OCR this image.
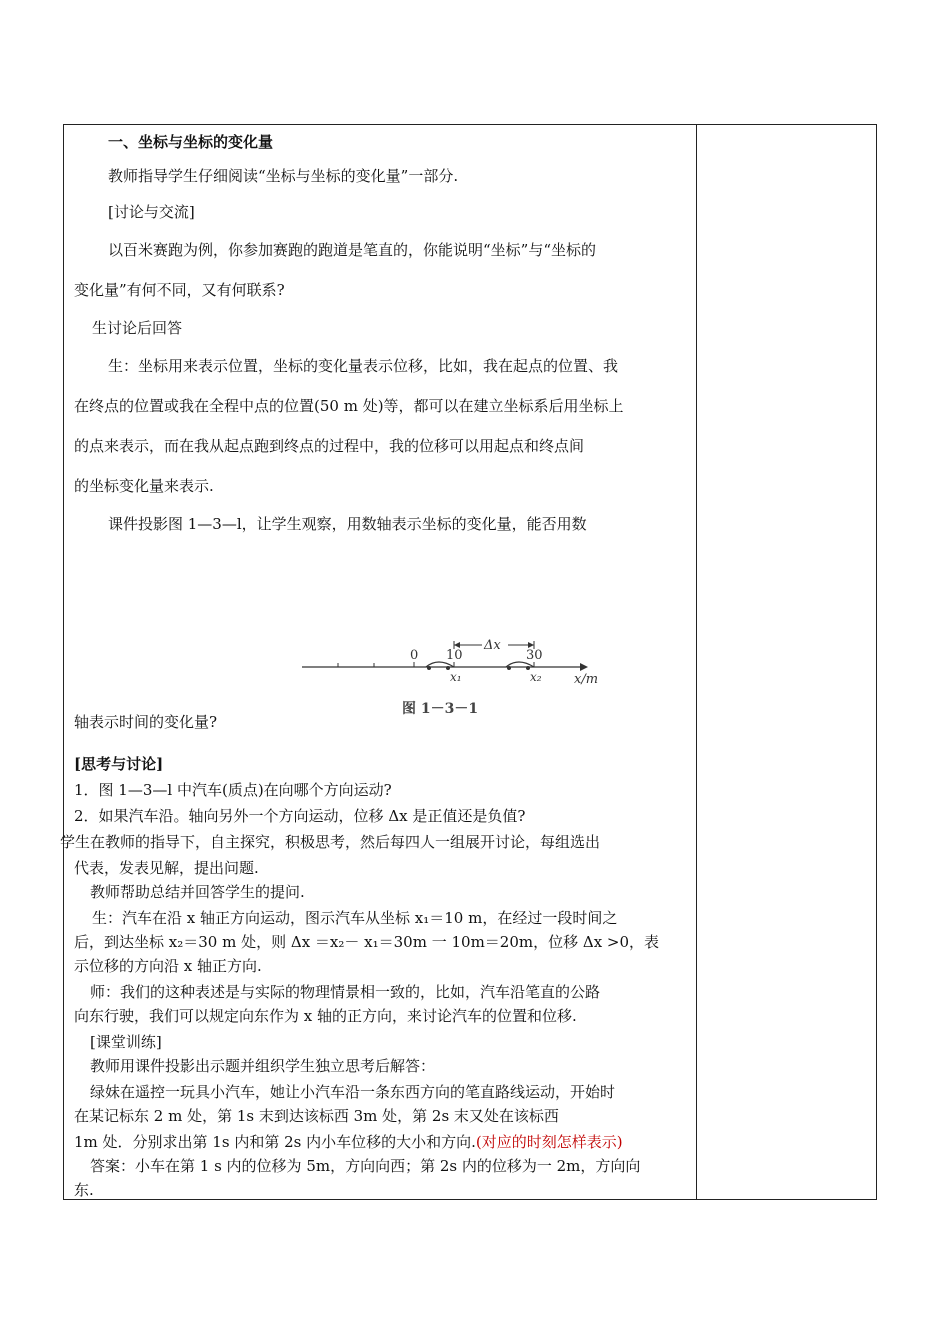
一、坐标与坐标的变化量
教师指导学生仔细阅读“坐标与坐标的变化量”一部分.
[讨论与交流]
以百米赛跑为例，你参加赛跑的跑道是笔直的，你能说明“坐标”与“坐标的
变化量”有何不同，又有何联系?
生讨论后回答
生：坐标用来表示位置，坐标的变化量表示位移，比如，我在起点的位置、我
在终点的位置或我在全程中点的位置(50 m 处)等，都可以在建立坐标系后用坐标上
的点来表示，而在我从起点跑到终点的过程中，我的位移可以用起点和终点间
的坐标变化量来表示.
课件投影图 1—3—l，让学生观察，用数轴表示坐标的变化量，能否用数
0 10	30
Δx
x₁	x₂ x/m
图 1－3－1
轴表示时间的变化量?
[思考与讨论]
1．图 1—3—l 中汽车(质点)在向哪个方向运动?
2．如果汽车沿。轴向另外一个方向运动，位移 Δx 是正值还是负值?
学生在教师的指导下，自主探究，积极思考，然后每四人一组展开讨论，每组选出
代表，发表见解，提出问题.
教师帮助总结并回答学生的提问.
生：汽车在沿 x 轴正方向运动，图示汽车从坐标 x₁＝10 m，在经过一段时间之
后，到达坐标 x₂＝30 m 处，则 Δx ＝x₂－ x₁＝30m 一 10m＝20m，位移 Δx >0，表
示位移的方向沿 x 轴正方向.
师：我们的这种表述是与实际的物理情景相一致的，比如，汽车沿笔直的公路
向东行驶，我们可以规定向东作为 x 轴的正方向，来讨论汽车的位置和位移.
[课堂训练]
教师用课件投影出示题并组织学生独立思考后解答：
绿妹在遥控一玩具小汽车，她让小汽车沿一条东西方向的笔直路线运动，开始时
在某记标东 2 m 处，第 1s 末到达该标西 3m 处，第 2s 末又处在该标西
1m 处．分别求出第 1s 内和第 2s 内小车位移的大小和方向.(对应的时刻怎样表示)
答案：小车在第 1 s 内的位移为 5m，方向向西；第 2s 内的位移为一 2m，方向向
东.
